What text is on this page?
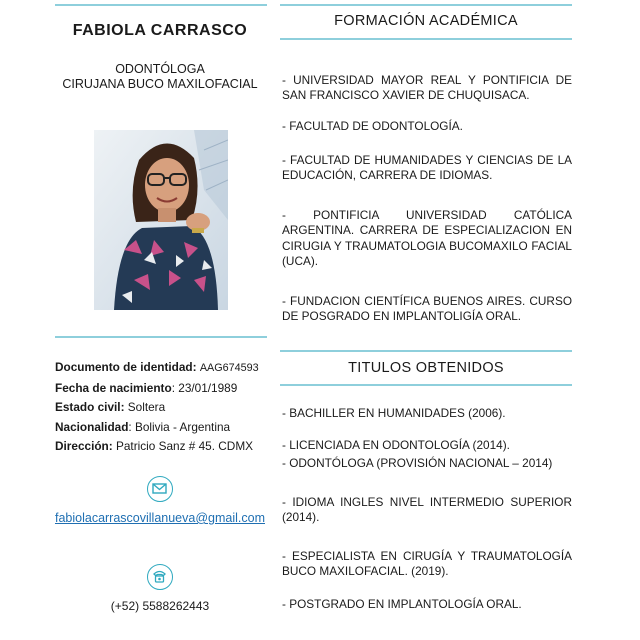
FABIOLA CARRASCO
ODONTÓLOGA
CIRUJANA BUCO MAXILOFACIAL
Documento de identidad: AAG674593
Fecha de nacimiento: 23/01/1989
Estado civil: Soltera
Nacionalidad: Bolivia - Argentina
Dirección: Patricio Sanz # 45. CDMX
fabiolacarrascovillanueva@gmail.com
(+52) 5588262443
FORMACIÓN ACADÉMICA
- UNIVERSIDAD MAYOR REAL Y PONTIFICIA DE SAN FRANCISCO XAVIER DE CHUQUISACA.
- FACULTAD DE ODONTOLOGÍA.
- FACULTAD DE HUMANIDADES Y CIENCIAS DE LA EDUCACIÓN, CARRERA DE IDIOMAS.
- PONTIFICIA UNIVERSIDAD CATÓLICA ARGENTINA. CARRERA DE ESPECIALIZACION EN CIRUGIA Y TRAUMATOLOGIA BUCOMAXILO FACIAL (UCA).
- FUNDACION CIENTÍFICA BUENOS AIRES. CURSO DE POSGRADO EN IMPLANTOLIGÍA ORAL.
TITULOS OBTENIDOS
- BACHILLER EN HUMANIDADES (2006).
- LICENCIADA EN ODONTOLOGÍA (2014).
- ODONTÓLOGA (PROVISIÓN NACIONAL – 2014)
- IDIOMA INGLES NIVEL INTERMEDIO SUPERIOR (2014).
- ESPECIALISTA EN CIRUGÍA Y TRAUMATOLOGÍA BUCO MAXILOFACIAL. (2019).
- POSTGRADO EN IMPLANTOLOGÍA ORAL.
